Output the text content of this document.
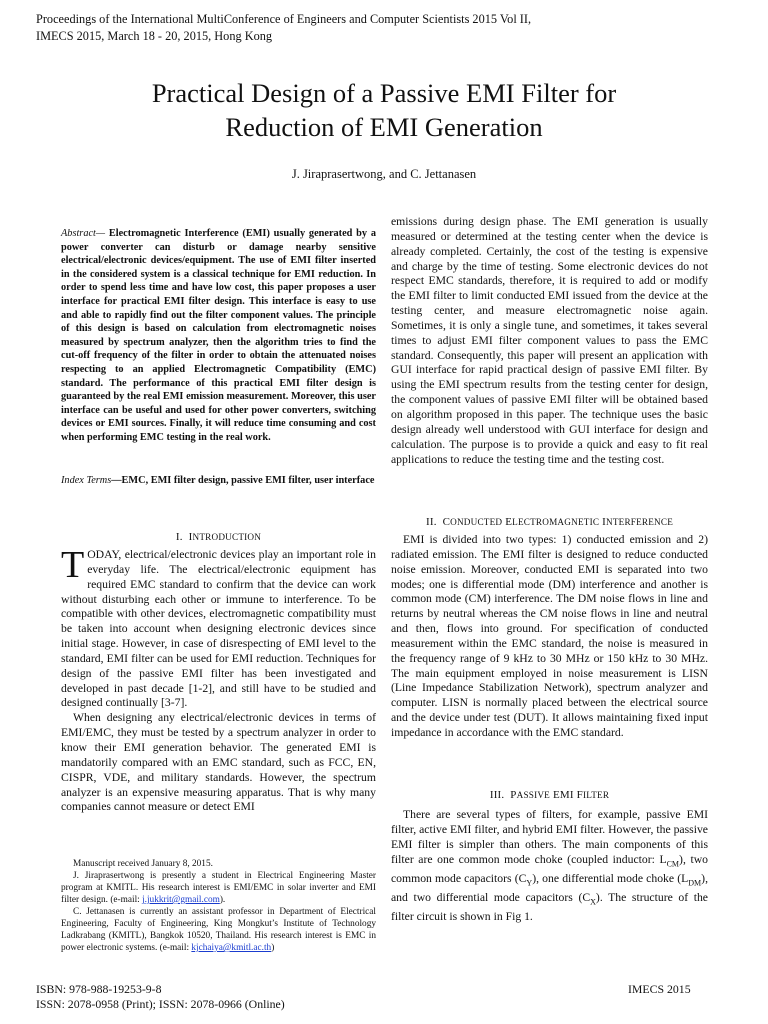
Proceedings of the International MultiConference of Engineers and Computer Scientists 2015 Vol II,
IMECS 2015, March 18 - 20, 2015, Hong Kong
Practical Design of a Passive EMI Filter for
Reduction of EMI Generation
J. Jiraprasertwong, and C. Jettanasen
Abstract— Electromagnetic Interference (EMI) usually generated by a power converter can disturb or damage nearby sensitive electrical/electronic devices/equipment. The use of EMI filter inserted in the considered system is a classical technique for EMI reduction. In order to spend less time and have low cost, this paper proposes a user interface for practical EMI filter design. This interface is easy to use and able to rapidly find out the filter component values. The principle of this design is based on calculation from electromagnetic noises measured by spectrum analyzer, then the algorithm tries to find the cut-off frequency of the filter in order to obtain the attenuated noises respecting to an applied Electromagnetic Compatibility (EMC) standard. The performance of this practical EMI filter design is guaranteed by the real EMI emission measurement. Moreover, this user interface can be useful and used for other power converters, switching devices or EMI sources. Finally, it will reduce time consuming and cost when performing EMC testing in the real work.
Index Terms—EMC, EMI filter design, passive EMI filter, user interface
I. INTRODUCTION

TODAY, electrical/electronic devices play an important role in everyday life. The electrical/electronic equipment has required EMC standard to confirm that the device can work without disturbing each other or immune to interference. To be compatible with other devices, electromagnetic compatibility must be taken into account when designing electronic devices since initial stage. However, in case of disrespecting of EMI level to the standard, EMI filter can be used for EMI reduction. Techniques for design of the passive EMI filter has been investigated and developed in past decade [1-2], and still have to be studied and designed continually [3-7].

When designing any electrical/electronic devices in terms of EMI/EMC, they must be tested by a spectrum analyzer in order to know their EMI generation behavior. The generated EMI is mandatorily compared with an EMC standard, such as FCC, EN, CISPR, VDE, and military standards. However, the spectrum analyzer is an expensive measuring apparatus. That is why many companies cannot measure or detect EMI

Manuscript received January 8, 2015.

J. Jiraprasertwong is presently a student in Electrical Engineering Master program at KMITL. His research interest is EMI/EMC in solar inverter and EMI filter design. (e-mail: j.jukkrit@gmail.com).

C. Jettanasen is currently an assistant professor in Department of Electrical Engineering, Faculty of Engineering, King Mongkut’s Institute of Technology Ladkrabang (KMITL), Bangkok 10520, Thailand. His research interest is EMC in power electronic systems. (e-mail: kjchaiya@kmitl.ac.th)

emissions during design phase. The EMI generation is usually measured or determined at the testing center when the device is already completed. Certainly, the cost of the testing is expensive and charge by the time of testing. Some electronic devices do not respect EMC standards, therefore, it is required to add or modify the EMI filter to limit conducted EMI issued from the device at the testing center, and measure electromagnetic noise again. Sometimes, it is only a single tune, and sometimes, it takes several times to adjust EMI filter component values to pass the EMC standard. Consequently, this paper will present an application with GUI interface for rapid practical design of passive EMI filter. By using the EMI spectrum results from the testing center for design, the component values of passive EMI filter will be obtained based on algorithm proposed in this paper. The technique uses the basic design already well understood with GUI interface for design and calculation. The purpose is to provide a quick and easy to fit real applications to reduce the testing time and the testing cost.

II. CONDUCTED ELECTROMAGNETIC INTERFERENCE

EMI is divided into two types: 1) conducted emission and 2) radiated emission. The EMI filter is designed to reduce conducted noise emission. Moreover, conducted EMI is separated into two modes; one is differential mode (DM) interference and another is common mode (CM) interference. The DM noise flows in line and returns by neutral whereas the CM noise flows in line and neutral and then, flows into ground. For specification of conducted measurement within the EMC standard, the noise is measured in the frequency range of 9 kHz to 30 MHz or 150 kHz to 30 MHz. The main equipment employed in noise measurement is LISN (Line Impedance Stabilization Network), spectrum analyzer and computer. LISN is normally placed between the electrical source and the device under test (DUT). It allows maintaining fixed input impedance in accordance with the EMC standard.

III. PASSIVE EMI FILTER

There are several types of filters, for example, passive EMI filter, active EMI filter, and hybrid EMI filter. However, the passive EMI filter is simpler than others. The main components of this filter are one common mode choke (coupled inductor: $L_{CM}$), two common mode capacitors $(C_Y)$, one differential mode choke $(L_{DM})$, and two differential mode capacitors $(C_X)$. The structure of the filter circuit is shown in Fig 1.

ISBN: 978-988-19253-9-8
ISSN: 2078-0958 (Print); ISSN: 2078-0966 (Online)
IMECS 2015
